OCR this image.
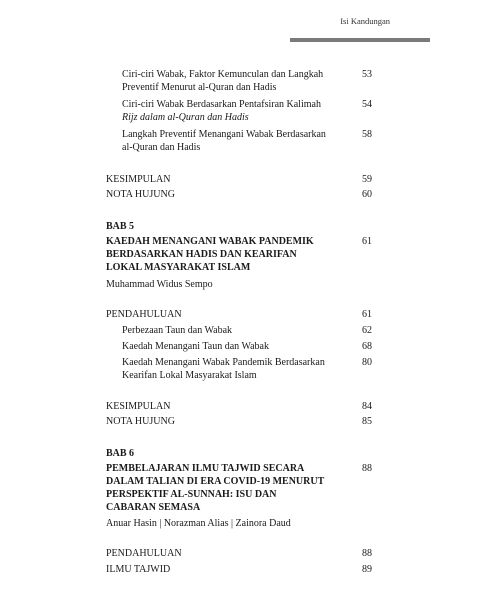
Isi Kandungan
Ciri-ciri Wabak, Faktor Kemunculan dan Langkah
Preventif Menurut al-Quran dan Hadis
53
Ciri-ciri Wabak Berdasarkan Pentafsiran Kalimah
Rijz dalam al-Quran dan Hadis
54
Langkah Preventif Menangani Wabak Berdasarkan
al-Quran dan Hadis
58
KESIMPULAN	59
NOTA HUJUNG	60
BAB 5
KAEDAH MENANGANI WABAK PANDEMIK
BERDASARKAN HADIS DAN KEARIFAN
LOKAL MASYARAKAT ISLAM
61
Muhammad Widus Sempo
PENDAHULUAN	61
Perbezaan Taun dan Wabak	62
Kaedah Menangani Taun dan Wabak	68
Kaedah Menangani Wabak Pandemik Berdasarkan
Kearifan Lokal Masyarakat Islam
80
KESIMPULAN	84
NOTA HUJUNG	85
BAB 6
PEMBELAJARAN ILMU TAJWID SECARA
DALAM TALIAN DI ERA COVID-19 MENURUT
PERSPEKTIF AL-SUNNAH: ISU DAN
CABARAN SEMASA
88
Anuar Hasin | Norazman Alias | Zainora Daud
PENDAHULUAN	88
ILMU TAJWID	89
